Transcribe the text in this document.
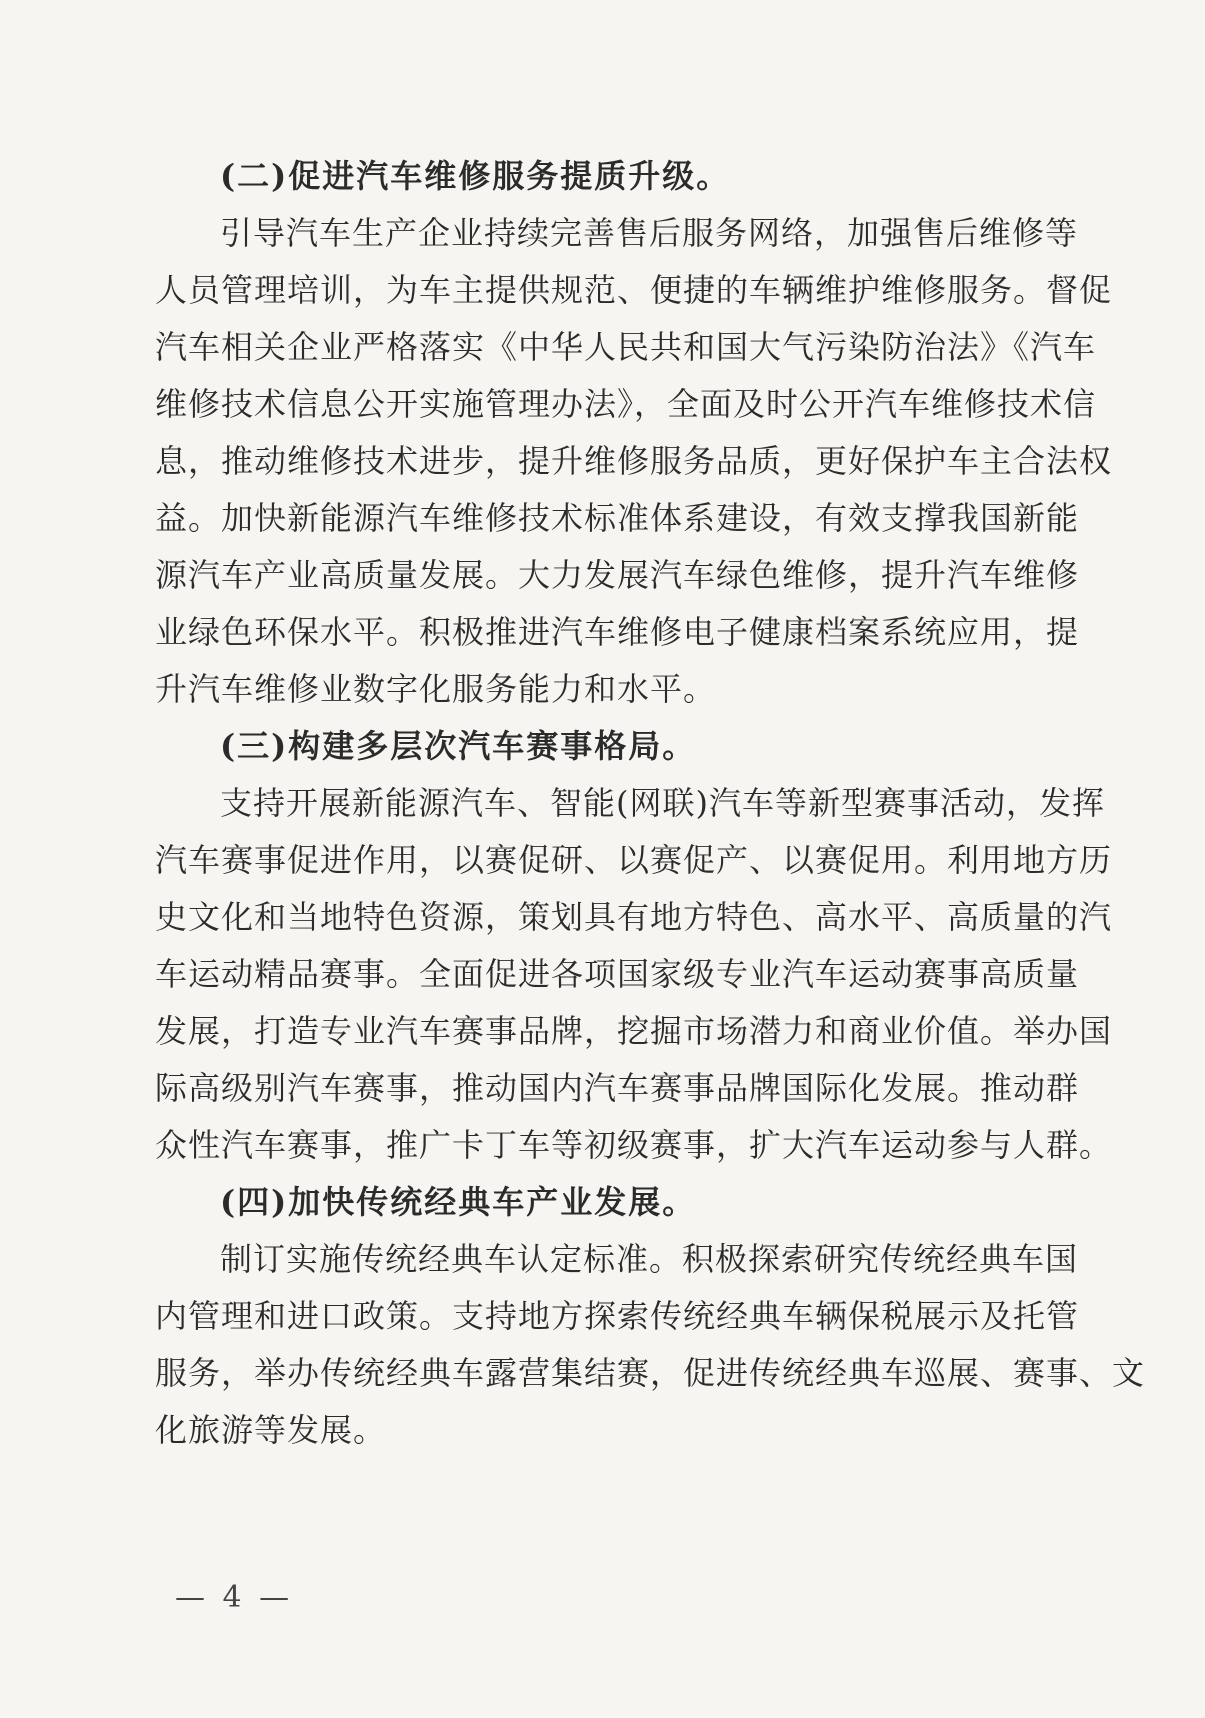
(二)促进汽车维修服务提质升级。
引导汽车生产企业持续完善售后服务网络，加强售后维修等
人员管理培训，为车主提供规范、便捷的车辆维护维修服务。督促
汽车相关企业严格落实《中华人民共和国大气污染防治法》《汽车
维修技术信息公开实施管理办法》，全面及时公开汽车维修技术信
息，推动维修技术进步，提升维修服务品质，更好保护车主合法权
益。加快新能源汽车维修技术标准体系建设，有效支撑我国新能
源汽车产业高质量发展。大力发展汽车绿色维修，提升汽车维修
业绿色环保水平。积极推进汽车维修电子健康档案系统应用，提
升汽车维修业数字化服务能力和水平。
(三)构建多层次汽车赛事格局。
支持开展新能源汽车、智能(网联)汽车等新型赛事活动，发挥
汽车赛事促进作用，以赛促研、以赛促产、以赛促用。利用地方历
史文化和当地特色资源，策划具有地方特色、高水平、高质量的汽
车运动精品赛事。全面促进各项国家级专业汽车运动赛事高质量
发展，打造专业汽车赛事品牌，挖掘市场潜力和商业价值。举办国
际高级别汽车赛事，推动国内汽车赛事品牌国际化发展。推动群
众性汽车赛事，推广卡丁车等初级赛事，扩大汽车运动参与人群。
(四)加快传统经典车产业发展。
制订实施传统经典车认定标准。积极探索研究传统经典车国
内管理和进口政策。支持地方探索传统经典车辆保税展示及托管
服务，举办传统经典车露营集结赛，促进传统经典车巡展、赛事、文
化旅游等发展。
— 4 —
